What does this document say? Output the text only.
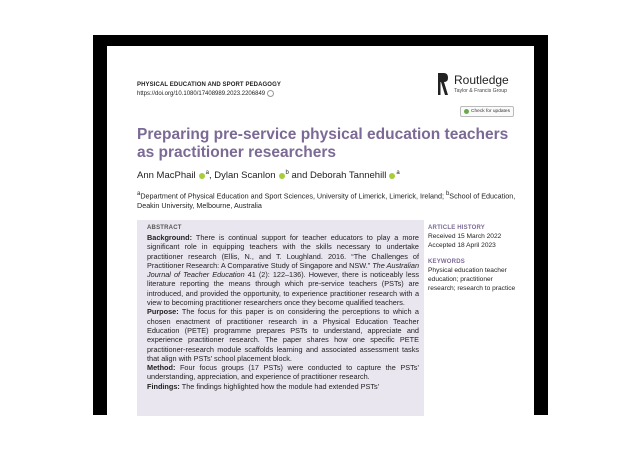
PHYSICAL EDUCATION AND SPORT PEDAGOGY
https://doi.org/10.1080/17408989.2023.2206849
Routledge
Taylor & Francis Group
Check for updates
Preparing pre-service physical education teachers as practitioner researchers
Ann MacPhail $^a$, Dylan Scanlon $^b$ and Deborah Tannehill $^a$
$^a$Department of Physical Education and Sport Sciences, University of Limerick, Limerick, Ireland; $^b$School of Education, Deakin University, Melbourne, Australia
ABSTRACT
Background: There is continual support for teacher educators to play a more significant role in equipping teachers with the skills necessary to undertake practitioner research (Ellis, N., and T. Loughland. 2016. “The Challenges of Practitioner Research: A Comparative Study of Singapore and NSW.” The Australian Journal of Teacher Education 41 (2): 122–136). However, there is noticeably less literature reporting the means through which pre-service teachers (PSTs) are introduced, and provided the opportunity, to experience practitioner research with a view to becoming practitioner researchers once they become qualified teachers.
Purpose: The focus for this paper is on considering the perceptions to which a chosen enactment of practitioner research in a Physical Education Teacher Education (PETE) programme prepares PSTs to understand, appreciate and experience practitioner research. The paper shares how one specific PETE practitioner-research module scaffolds learning and associated assessment tasks that align with PSTs’ school placement block.
Method: Four focus groups (17 PSTs) were conducted to capture the PSTs’ understanding, appreciation, and experience of practitioner research.
Findings: The findings highlighted how the module had extended PSTs’
ARTICLE HISTORY
Received 15 March 2022
Accepted 18 April 2023
KEYWORDS
Physical education teacher education; practitioner research; research to practice
